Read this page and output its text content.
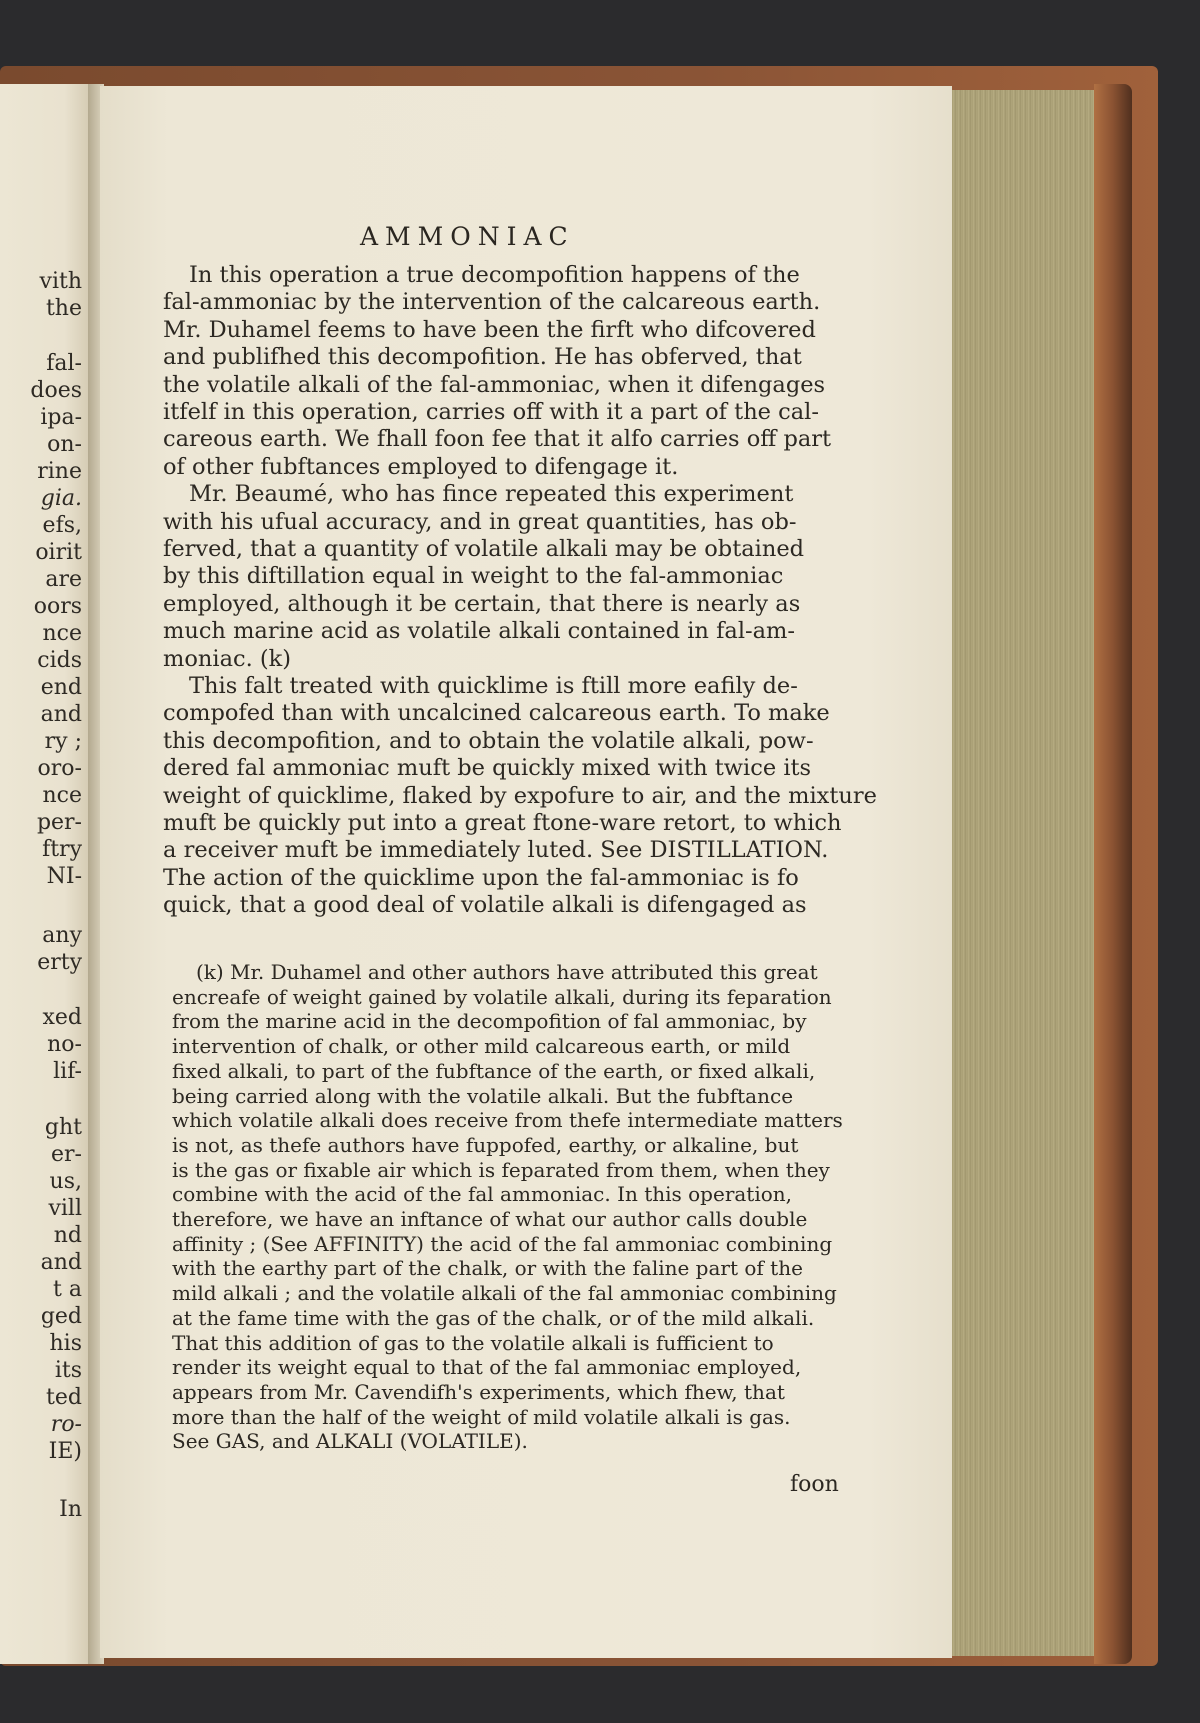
vith
the
fal-
does
ipa-
on-
rine
gia.
efs,
oirit
are
oors
nce
cids
end
and
ry ;
oro-
nce
per-
ftry
NI-
any
erty
xed
no-
lif-
ght
er-
us,
vill
nd
and
t a
ged
his
its
ted
ro-
IE)
In
AMMONIAC
In this operation a true decompofition happens of the
fal-ammoniac by the intervention of the calcareous earth.
Mr. Duhamel feems to have been the firft who difcovered
and publifhed this decompofition. He has obferved, that
the volatile alkali of the fal-ammoniac, when it difengages
itfelf in this operation, carries off with it a part of the cal-
careous earth. We fhall foon fee that it alfo carries off part
of other fubftances employed to difengage it.
Mr. Beaumé, who has fince repeated this experiment
with his ufual accuracy, and in great quantities, has ob-
ferved, that a quantity of volatile alkali may be obtained
by this diftillation equal in weight to the fal-ammoniac
employed, although it be certain, that there is nearly as
much marine acid as volatile alkali contained in fal-am-
moniac. (k)
This falt treated with quicklime is ftill more eafily de-
compofed than with uncalcined calcareous earth. To make
this decompofition, and to obtain the volatile alkali, pow-
dered fal ammoniac muft be quickly mixed with twice its
weight of quicklime, flaked by expofure to air, and the mixture
muft be quickly put into a great ftone-ware retort, to which
a receiver muft be immediately luted. See DISTILLATION.
The action of the quicklime upon the fal-ammoniac is fo
quick, that a good deal of volatile alkali is difengaged as
(k) Mr. Duhamel and other authors have attributed this great
encreafe of weight gained by volatile alkali, during its feparation
from the marine acid in the decompofition of fal ammoniac, by
intervention of chalk, or other mild calcareous earth, or mild
fixed alkali, to part of the fubftance of the earth, or fixed alkali,
being carried along with the volatile alkali. But the fubftance
which volatile alkali does receive from thefe intermediate matters
is not, as thefe authors have fuppofed, earthy, or alkaline, but
is the gas or fixable air which is feparated from them, when they
combine with the acid of the fal ammoniac. In this operation,
therefore, we have an inftance of what our author calls double
affinity ; (See AFFINITY) the acid of the fal ammoniac combining
with the earthy part of the chalk, or with the faline part of the
mild alkali ; and the volatile alkali of the fal ammoniac combining
at the fame time with the gas of the chalk, or of the mild alkali.
That this addition of gas to the volatile alkali is fufficient to
render its weight equal to that of the fal ammoniac employed,
appears from Mr. Cavendifh's experiments, which fhew, that
more than the half of the weight of mild volatile alkali is gas.
See GAS, and ALKALI (VOLATILE).
foon
